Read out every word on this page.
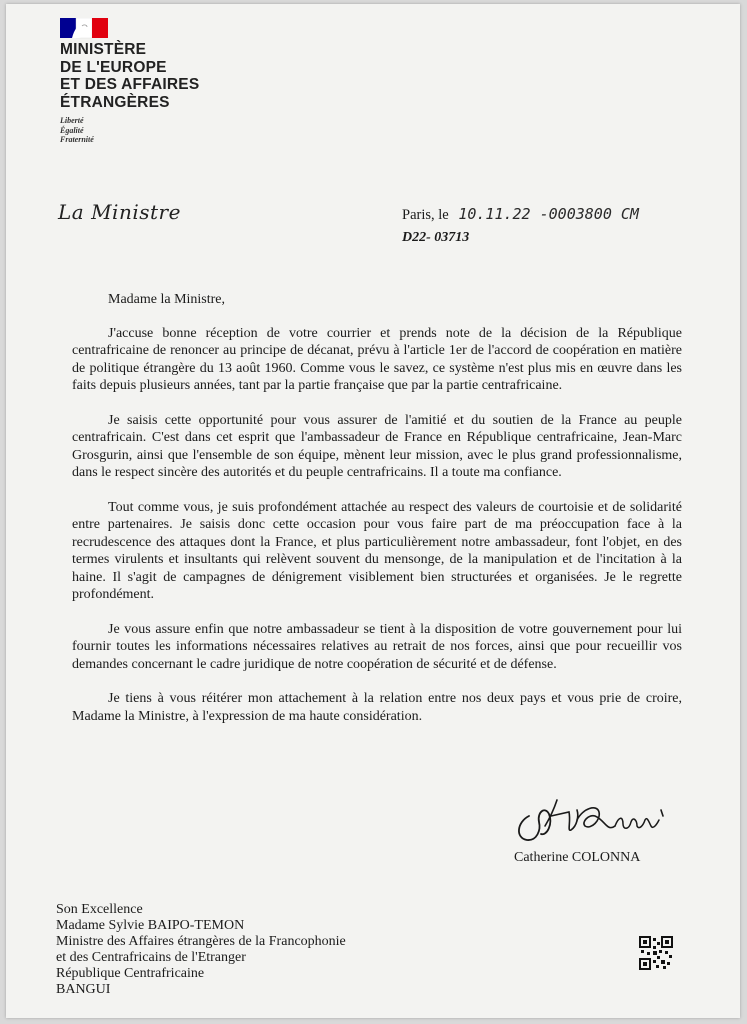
MINISTÈRE
DE L'EUROPE
ET DES AFFAIRES
ÉTRANGÈRES
Liberté
Égalité
Fraternité
La Ministre	Paris, le 10.11.22 -0003800 CM
D22- 03713
Madame la Ministre,

J'accuse bonne réception de votre courrier et prends note de la décision de la République centrafricaine de renoncer au principe de décanat, prévu à l'article 1er de l'accord de coopération en matière de politique étrangère du 13 août 1960. Comme vous le savez, ce système n'est plus mis en œuvre dans les faits depuis plusieurs années, tant par la partie française que par la partie centrafricaine.

Je saisis cette opportunité pour vous assurer de l'amitié et du soutien de la France au peuple centrafricain. C'est dans cet esprit que l'ambassadeur de France en République centrafricaine, Jean-Marc Grosgurin, ainsi que l'ensemble de son équipe, mènent leur mission, avec le plus grand professionnalisme, dans le respect sincère des autorités et du peuple centrafricains. Il a toute ma confiance.

Tout comme vous, je suis profondément attachée au respect des valeurs de courtoisie et de solidarité entre partenaires. Je saisis donc cette occasion pour vous faire part de ma préoccupation face à la recrudescence des attaques dont la France, et plus particulièrement notre ambassadeur, font l'objet, en des termes virulents et insultants qui relèvent souvent du mensonge, de la manipulation et de l'incitation à la haine. Il s'agit de campagnes de dénigrement visiblement bien structurées et organisées. Je le regrette profondément.

Je vous assure enfin que notre ambassadeur se tient à la disposition de votre gouvernement pour lui fournir toutes les informations nécessaires relatives au retrait de nos forces, ainsi que pour recueillir vos demandes concernant le cadre juridique de notre coopération de sécurité et de défense.

Je tiens à vous réitérer mon attachement à la relation entre nos deux pays et vous prie de croire, Madame la Ministre, à l'expression de ma haute considération.

Catherine COLONNA
Son Excellence
Madame Sylvie BAIPO-TEMON
Ministre des Affaires étrangères de la Francophonie
et des Centrafricains de l'Etranger
République Centrafricaine
BANGUI
